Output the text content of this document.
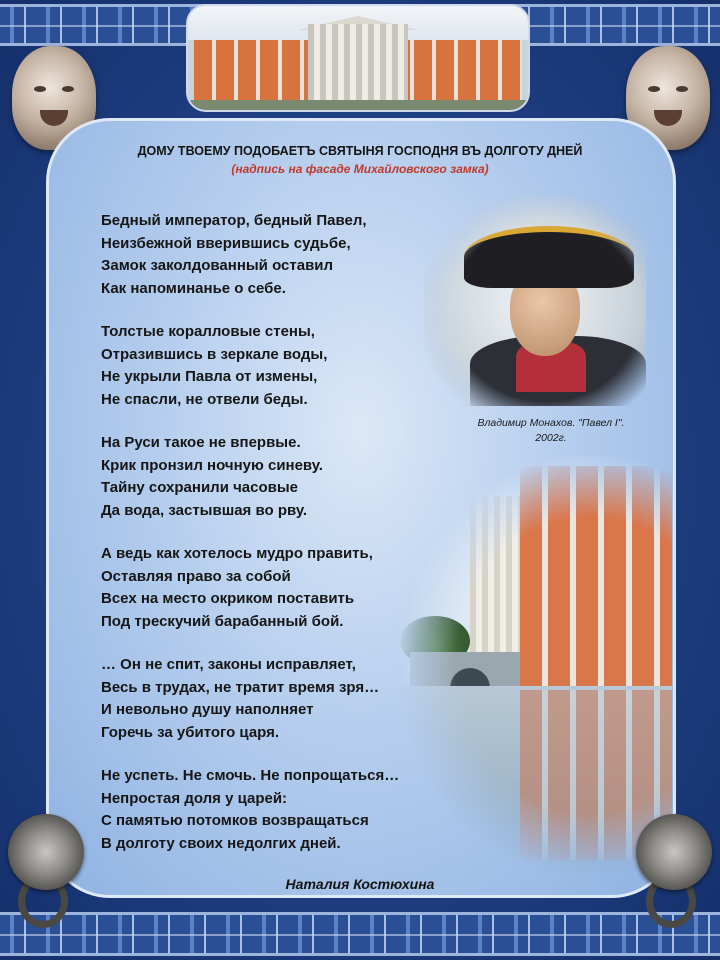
ДОМУ ТВОЕМУ ПОДОБАЕТЪ СВЯТЫНЯ ГОСПОДНЯ ВЪ ДОЛГОТУ ДНЕЙ
(надпись на фасаде Михайловского замка)
Бедный император, бедный Павел,
Неизбежной вверившись судьбе,
Замок заколдованный оставил
Как напоминанье о себе.
Толстые коралловые стены,
Отразившись в зеркале воды,
Не укрыли Павла от измены,
Не спасли, не отвели беды.
На Руси такое не впервые.
Крик пронзил ночную синеву.
Тайну сохранили часовые
Да вода, застывшая во рву.
А ведь как хотелось мудро править,
Оставляя право за собой
Всех на место окриком поставить
Под трескучий барабанный бой.
… Он не спит, законы исправляет,
Весь в трудах, не тратит время зря…
И невольно душу наполняет
Горечь за убитого царя.
Не успеть. Не смочь. Не попрощаться…
Непростая доля у царей:
С памятью потомков возвращаться
В долготу своих недолгих дней.
Владимир Монахов. "Павел I".
2002г.
Наталия Костюхина
